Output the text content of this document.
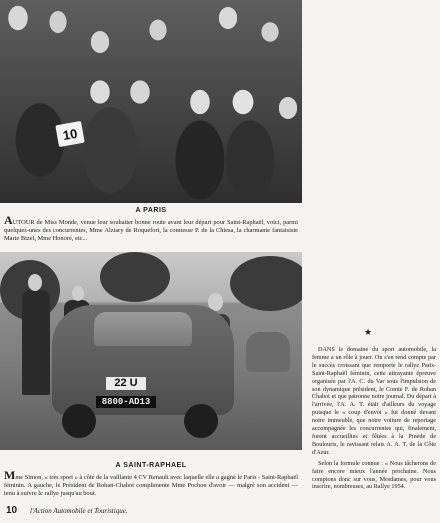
10
A PARIS
AUTOUR de Miss Monde, venue leur souhaiter bonne route avant leur départ pour Saint-Raphaël, voici, parmi quelques-unes des concurrentes, Mme Alziary de Roquefort, la comtesse P. de la Chiesa, la charmante fantaisiste Marie Bizet, Mme Honoré, etc...
22 U
8800-AD13
A SAINT-RAPHAEL
Mme Simon, « très sport » à côté de la vaillante 4 CV Renault avec laquelle elle a gagné le Paris - Saint-Raphaël féminin. A gauche, le Président de Rohan-Chabot complimente Mme Pochon d'avoir — malgré son accident — tenu à suivre le rallye jusqu'au bout.
★

DANS le domaine du sport automobile, la femme a un rôle à jouer. On s'en rend compte par le succès croissant que remporte le rallye Paris-Saint-Raphaël féminin, cette attrayante épreuve organisée par l'A. C. du Var sous l'impulsion de son dynamique président, le Comte F. de Rohan Chabot et que patronne notre journal. Du départ à l'arrivée, l'A. A. T. était d'ailleurs du voyage puisque le « coup d'envoi » fut donné devant notre immeuble, que notre voiture de reportage accompagnée les concurrentes qui, finalement, furent accueillies et fêtées à la Pinède de Boulouris, le ravissant relais A. A. T. de la Côte d'Azur.

Selon la formule connue : « Nous tâcherons de faire encore mieux l'année prochaine. Nous comptons donc sur vous, Mesdames, pour vous inscrire, nombreuses, au Rallye 1954.

10 l'Action Automobile et Touristique.
